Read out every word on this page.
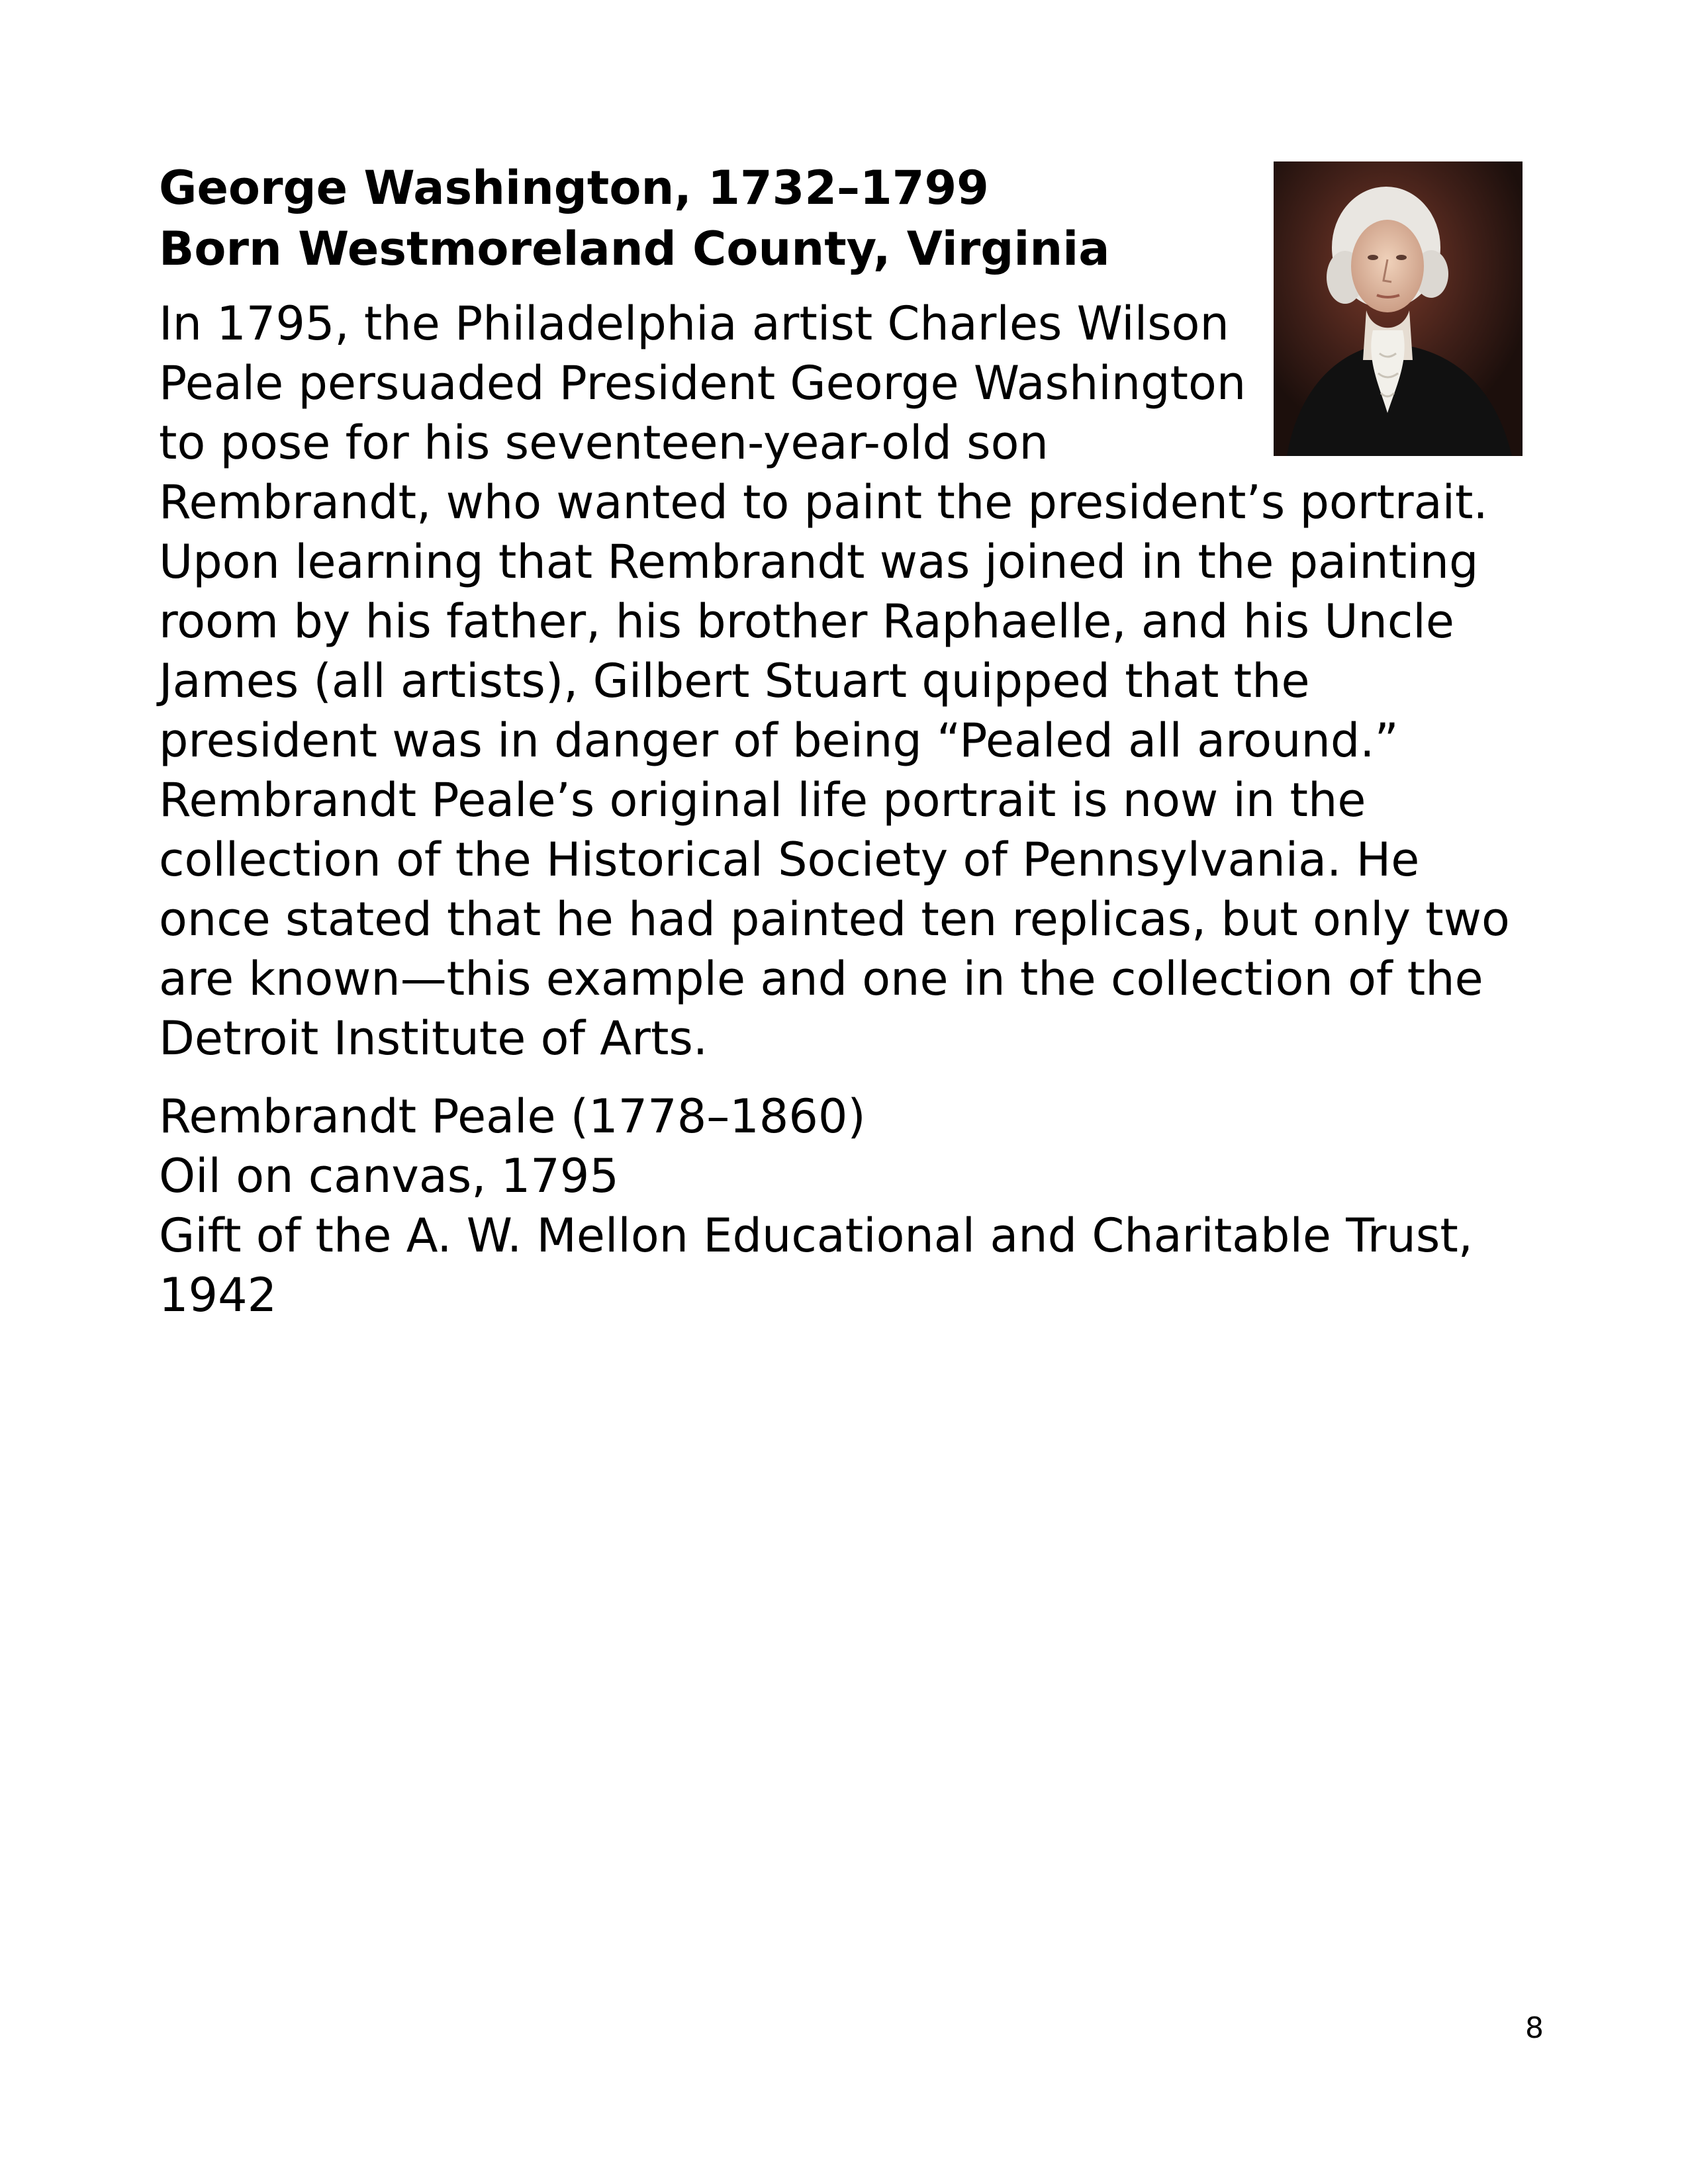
George Washington, 1732–1799
Born Westmoreland County, Virginia

In 1795, the Philadelphia artist Charles Wilson Peale persuaded President George Washington to pose for his seventeen-year-old son Rembrandt, who wanted to paint the president’s portrait. Upon learning that Rembrandt was joined in the painting room by his father, his brother Raphaelle, and his Uncle James (all artists), Gilbert Stuart quipped that the president was in danger of being “Pealed all around.” Rembrandt Peale’s original life portrait is now in the collection of the Historical Society of Pennsylvania. He once stated that he had painted ten replicas, but only two are known—this example and one in the collection of the Detroit Institute of Arts.

Rembrandt Peale (1778–1860)
Oil on canvas, 1795
Gift of the A. W. Mellon Educational and Charitable Trust, 1942
8
